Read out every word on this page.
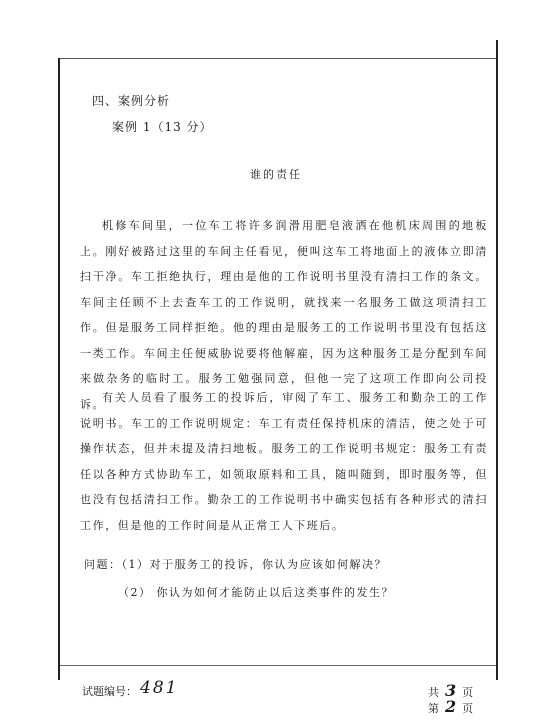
四、案例分析
案例 1（13 分）
谁的责任
机修车间里，一位车工将许多润滑用肥皂液洒在他机床周围的地板上。刚好被路过这里的车间主任看见，便叫这车工将地面上的液体立即清扫干净。车工拒绝执行，理由是他的工作说明书里没有清扫工作的条文。车间主任顾不上去查车工的工作说明，就找来一名服务工做这项清扫工作。但是服务工同样拒绝。他的理由是服务工的工作说明书里没有包括这一类工作。车间主任便威胁说要将他解雇，因为这种服务工是分配到车间来做杂务的临时工。服务工勉强同意，但他一完了这项工作即向公司投诉。
有关人员看了服务工的投诉后，审阅了车工、服务工和勤杂工的工作说明书。车工的工作说明规定：车工有责任保持机床的清洁，使之处于可操作状态，但并未提及清扫地板。服务工的工作说明书规定：服务工有责任以各种方式协助车工，如领取原料和工具，随叫随到，即时服务等，但也没有包括清扫工作。勤杂工的工作说明书中确实包括有各种形式的清扫工作，但是他的工作时间是从正常工人下班后。
问题：（1）对于服务工的投诉，你认为应该如何解决？
（2） 你认为如何才能防止以后这类事件的发生？
试题编号： 481	共 3 页
第 2 页
